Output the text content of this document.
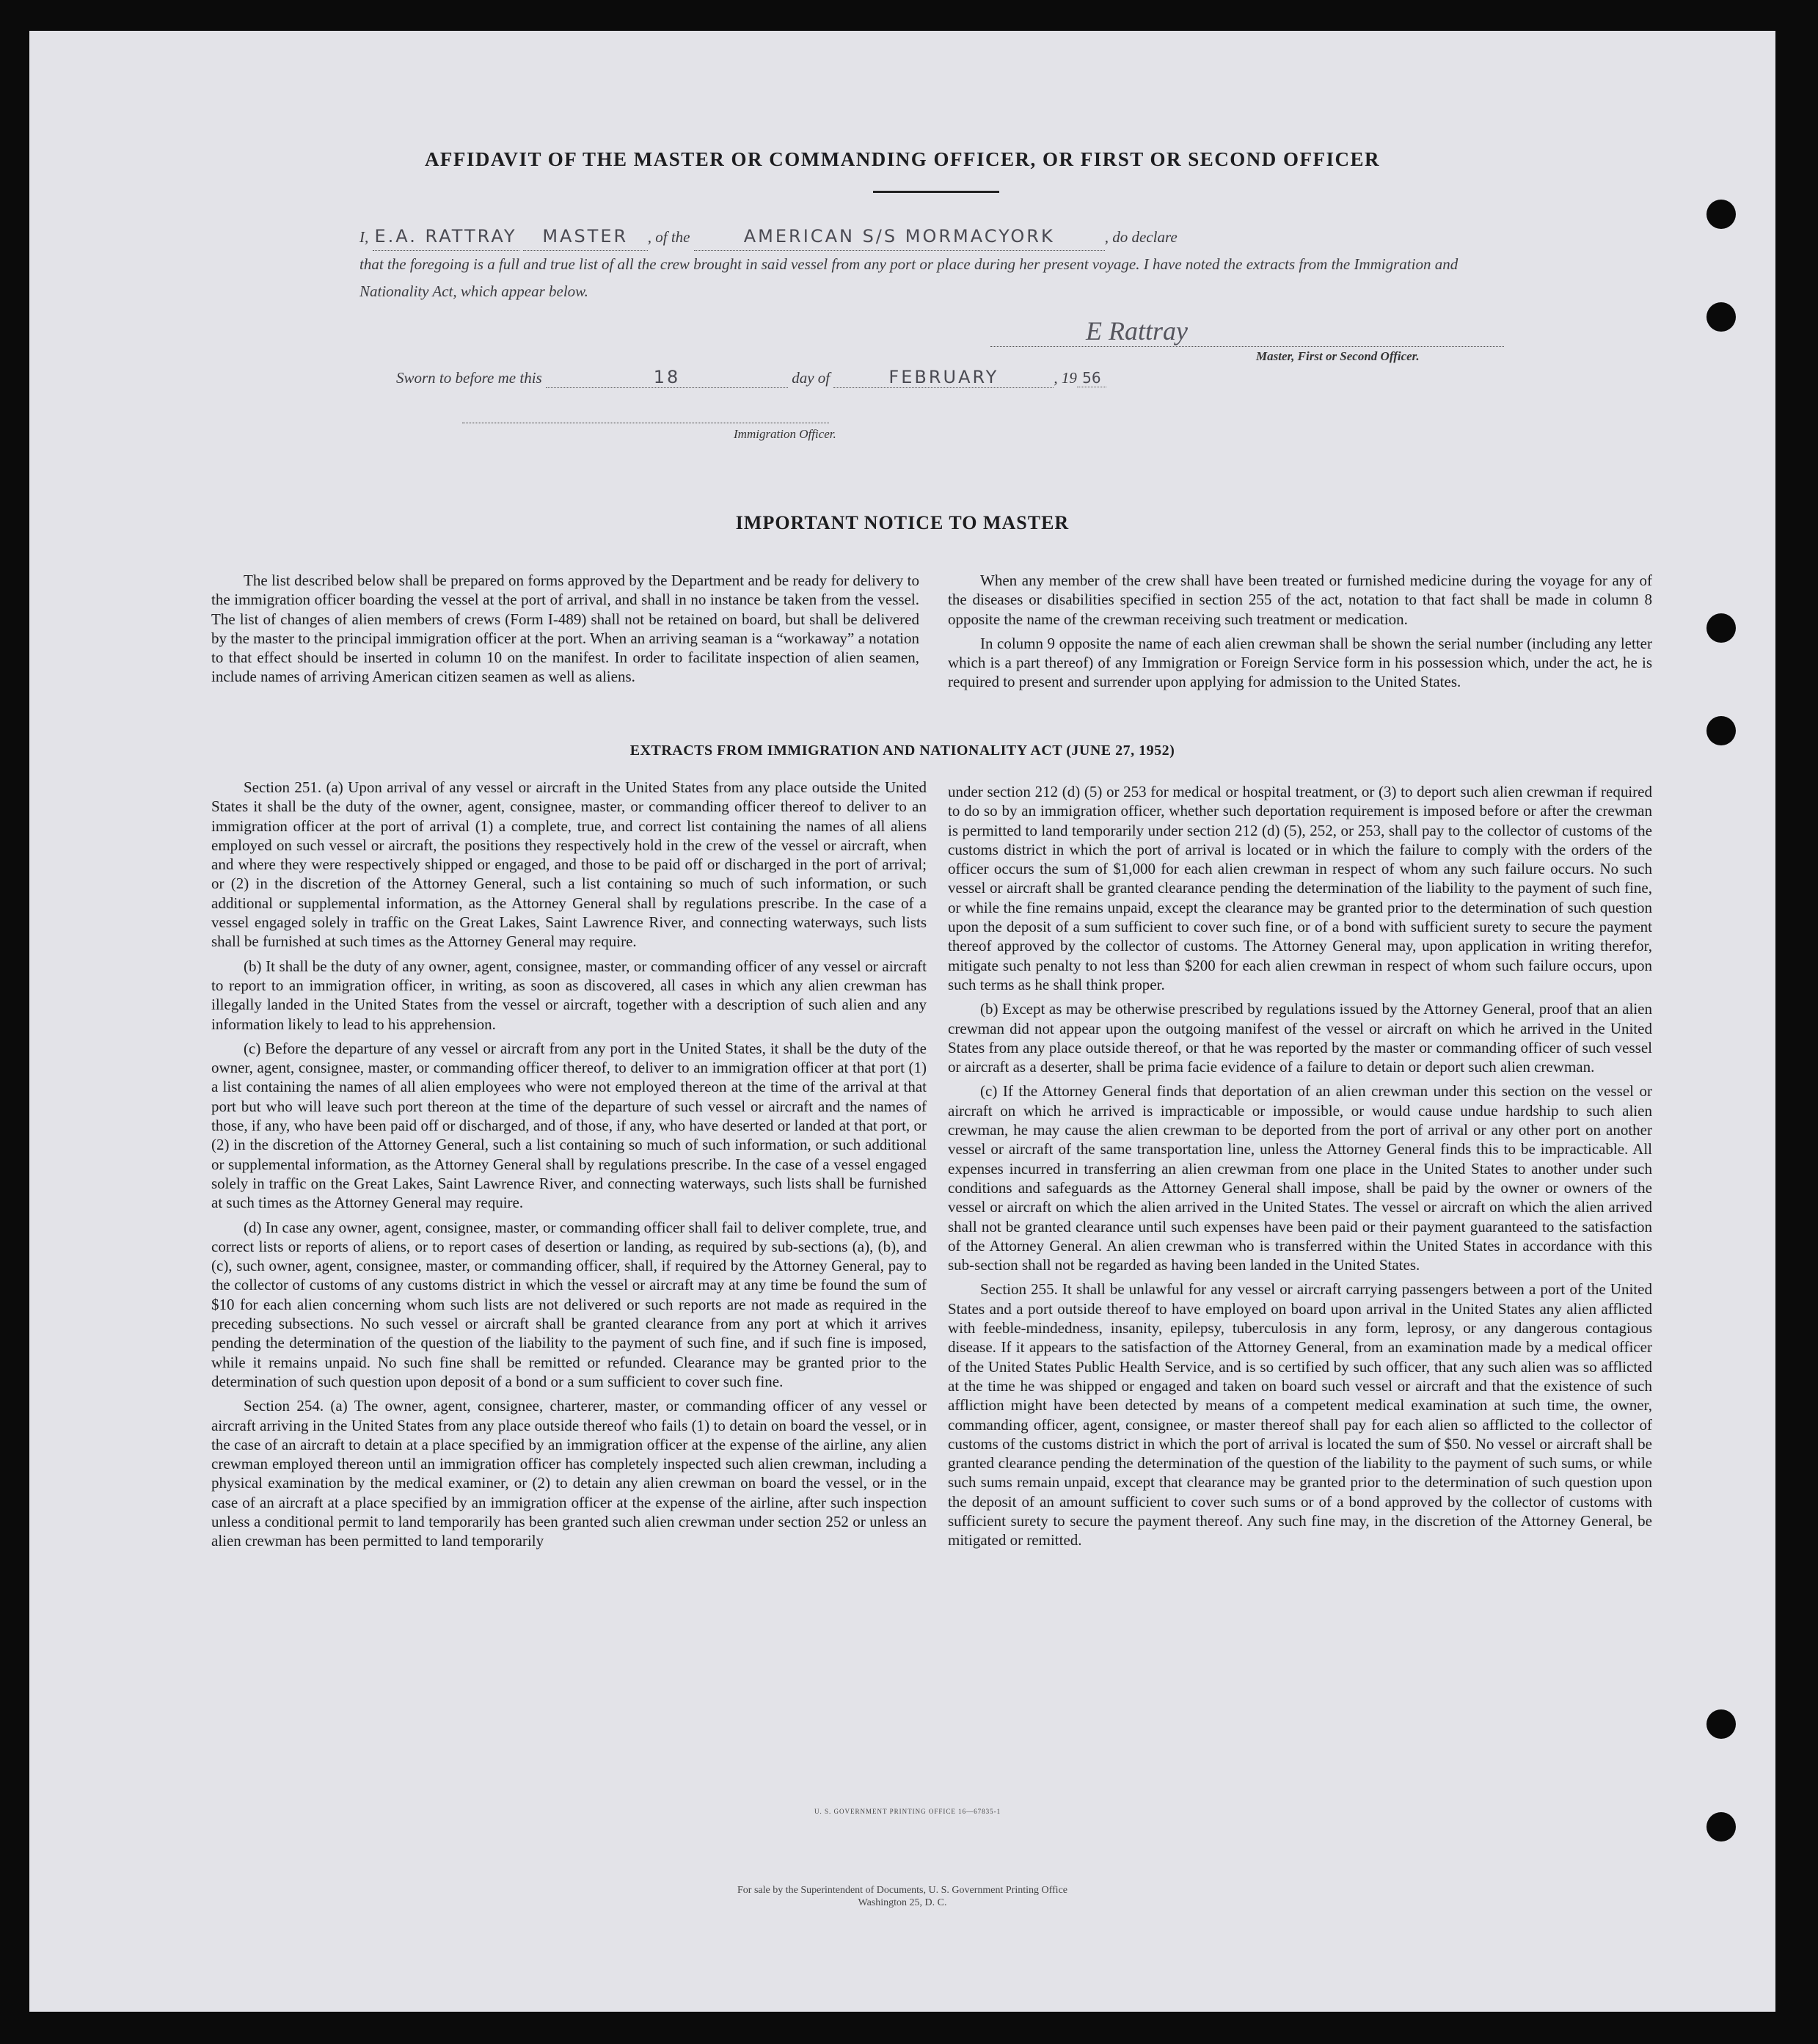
AFFIDAVIT OF THE MASTER OR COMMANDING OFFICER, OR FIRST OR SECOND OFFICER
I, E.A. RATTRAY MASTER , of the	AMERICAN S/S MORMACYORK	, do declare
that the foregoing is a full and true list of all the crew brought in said vessel from any port or place during her present voyage. I have noted the extracts from the Immigration and Nationality Act, which appear below.
E Rattray
Master, First or Second Officer.
Sworn to before me this	18	day of	FEBRUARY	, 19 56
Immigration Officer.
IMPORTANT NOTICE TO MASTER

The list described below shall be prepared on forms approved by the Department and be ready for delivery to the immigration officer boarding the vessel at the port of arrival, and shall in no instance be taken from the vessel. The list of changes of alien members of crews (Form I-489) shall not be retained on board, but shall be delivered by the master to the principal immigration officer at the port. When an arriving seaman is a “workaway” a notation to that effect should be inserted in column 10 on the manifest. In order to facilitate inspection of alien seamen, include names of arriving American citizen seamen as well as aliens.

When any member of the crew shall have been treated or furnished medicine during the voyage for any of the diseases or disabilities specified in section 255 of the act, notation to that fact shall be made in column 8 opposite the name of the crewman receiving such treatment or medication.

In column 9 opposite the name of each alien crewman shall be shown the serial number (including any letter which is a part thereof) of any Immigration or Foreign Service form in his possession which, under the act, he is required to present and surrender upon applying for admission to the United States.

EXTRACTS FROM IMMIGRATION AND NATIONALITY ACT (JUNE 27, 1952)

Section 251. (a) Upon arrival of any vessel or aircraft in the United States from any place outside the United States it shall be the duty of the owner, agent, consignee, master, or commanding officer thereof to deliver to an immigration officer at the port of arrival (1) a complete, true, and correct list containing the names of all aliens employed on such vessel or aircraft, the positions they respectively hold in the crew of the vessel or aircraft, when and where they were respectively shipped or engaged, and those to be paid off or discharged in the port of arrival; or (2) in the discretion of the Attorney General, such a list containing so much of such information, or such additional or supplemental information, as the Attorney General shall by regulations prescribe. In the case of a vessel engaged solely in traffic on the Great Lakes, Saint Lawrence River, and connecting waterways, such lists shall be furnished at such times as the Attorney General may require.

(b) It shall be the duty of any owner, agent, consignee, master, or commanding officer of any vessel or aircraft to report to an immigration officer, in writing, as soon as discovered, all cases in which any alien crewman has illegally landed in the United States from the vessel or aircraft, together with a description of such alien and any information likely to lead to his apprehension.

(c) Before the departure of any vessel or aircraft from any port in the United States, it shall be the duty of the owner, agent, consignee, master, or commanding officer thereof, to deliver to an immigration officer at that port (1) a list containing the names of all alien employees who were not employed thereon at the time of the arrival at that port but who will leave such port thereon at the time of the departure of such vessel or aircraft and the names of those, if any, who have been paid off or discharged, and of those, if any, who have deserted or landed at that port, or (2) in the discretion of the Attorney General, such a list containing so much of such information, or such additional or supplemental information, as the Attorney General shall by regulations prescribe. In the case of a vessel engaged solely in traffic on the Great Lakes, Saint Lawrence River, and connecting waterways, such lists shall be furnished at such times as the Attorney General may require.

(d) In case any owner, agent, consignee, master, or commanding officer shall fail to deliver complete, true, and correct lists or reports of aliens, or to report cases of desertion or landing, as required by sub-sections (a), (b), and (c), such owner, agent, consignee, master, or commanding officer, shall, if required by the Attorney General, pay to the collector of customs of any customs district in which the vessel or aircraft may at any time be found the sum of $10 for each alien concerning whom such lists are not delivered or such reports are not made as required in the preceding subsections. No such vessel or aircraft shall be granted clearance from any port at which it arrives pending the determination of the question of the liability to the payment of such fine, and if such fine is imposed, while it remains unpaid. No such fine shall be remitted or refunded. Clearance may be granted prior to the determination of such question upon deposit of a bond or a sum sufficient to cover such fine.

Section 254. (a) The owner, agent, consignee, charterer, master, or commanding officer of any vessel or aircraft arriving in the United States from any place outside thereof who fails (1) to detain on board the vessel, or in the case of an aircraft to detain at a place specified by an immigration officer at the expense of the airline, any alien crewman employed thereon until an immigration officer has completely inspected such alien crewman, including a physical examination by the medical examiner, or (2) to detain any alien crewman on board the vessel, or in the case of an aircraft at a place specified by an immigration officer at the expense of the airline, after such inspection unless a conditional permit to land temporarily has been granted such alien crewman under section 252 or unless an alien crewman has been permitted to land temporarily

under section 212 (d) (5) or 253 for medical or hospital treatment, or (3) to deport such alien crewman if required to do so by an immigration officer, whether such deportation requirement is imposed before or after the crewman is permitted to land temporarily under section 212 (d) (5), 252, or 253, shall pay to the collector of customs of the customs district in which the port of arrival is located or in which the failure to comply with the orders of the officer occurs the sum of $1,000 for each alien crewman in respect of whom any such failure occurs. No such vessel or aircraft shall be granted clearance pending the determination of the liability to the payment of such fine, or while the fine remains unpaid, except the clearance may be granted prior to the determination of such question upon the deposit of a sum sufficient to cover such fine, or of a bond with sufficient surety to secure the payment thereof approved by the collector of customs. The Attorney General may, upon application in writing therefor, mitigate such penalty to not less than $200 for each alien crewman in respect of whom such failure occurs, upon such terms as he shall think proper.

(b) Except as may be otherwise prescribed by regulations issued by the Attorney General, proof that an alien crewman did not appear upon the outgoing manifest of the vessel or aircraft on which he arrived in the United States from any place outside thereof, or that he was reported by the master or commanding officer of such vessel or aircraft as a deserter, shall be prima facie evidence of a failure to detain or deport such alien crewman.

(c) If the Attorney General finds that deportation of an alien crewman under this section on the vessel or aircraft on which he arrived is impracticable or impossible, or would cause undue hardship to such alien crewman, he may cause the alien crewman to be deported from the port of arrival or any other port on another vessel or aircraft of the same transportation line, unless the Attorney General finds this to be impracticable. All expenses incurred in transferring an alien crewman from one place in the United States to another under such conditions and safeguards as the Attorney General shall impose, shall be paid by the owner or owners of the vessel or aircraft on which the alien arrived in the United States. The vessel or aircraft on which the alien arrived shall not be granted clearance until such expenses have been paid or their payment guaranteed to the satisfaction of the Attorney General. An alien crewman who is transferred within the United States in accordance with this sub-section shall not be regarded as having been landed in the United States.

Section 255. It shall be unlawful for any vessel or aircraft carrying passengers between a port of the United States and a port outside thereof to have employed on board upon arrival in the United States any alien afflicted with feeble-mindedness, insanity, epilepsy, tuberculosis in any form, leprosy, or any dangerous contagious disease. If it appears to the satisfaction of the Attorney General, from an examination made by a medical officer of the United States Public Health Service, and is so certified by such officer, that any such alien was so afflicted at the time he was shipped or engaged and taken on board such vessel or aircraft and that the existence of such affliction might have been detected by means of a competent medical examination at such time, the owner, commanding officer, agent, consignee, or master thereof shall pay for each alien so afflicted to the collector of customs of the customs district in which the port of arrival is located the sum of $50. No vessel or aircraft shall be granted clearance pending the determination of the question of the liability to the payment of such sums, or while such sums remain unpaid, except that clearance may be granted prior to the determination of such question upon the deposit of an amount sufficient to cover such sums or of a bond approved by the collector of customs with sufficient surety to secure the payment thereof. Any such fine may, in the discretion of the Attorney General, be mitigated or remitted.

U. S. GOVERNMENT PRINTING OFFICE 16—67835-1
For sale by the Superintendent of Documents, U. S. Government Printing Office
Washington 25, D. C.
